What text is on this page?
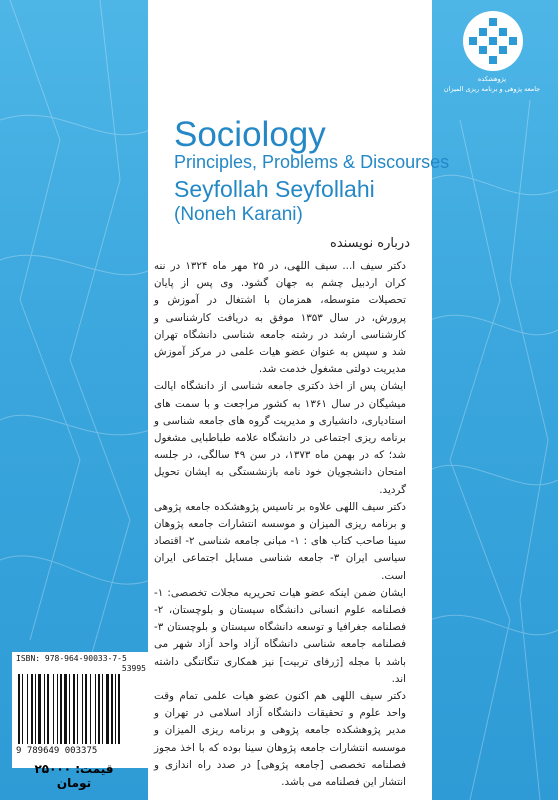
پژوهشکده
جامعه پژوهی و برنامه ریزی المیزان
Sociology
Principles, Problems & Discourses
Seyfollah Seyfollahi
(Noneh Karani)
درباره نویسنده

دکتر سیف ا... سیف اللهی، در ۲۵ مهر ماه ۱۳۲۴ در ننه کران اردبیل چشم به جهان گشود. وی پس از پایان تحصیلات متوسطه، همزمان با اشتغال در آموزش و پرورش، در سال ۱۳۵۳ موفق به دریافت کارشناسی و کارشناسی ارشد در رشته جامعه شناسی دانشگاه تهران شد و سپس به عنوان عضو هیات علمی در مرکز آموزش مدیریت دولتی مشغول خدمت شد.

ایشان پس از اخذ دکتری جامعه شناسی از دانشگاه ایالت میشیگان در سال ۱۳۶۱ به کشور مراجعت و با سمت های استادیاری، دانشیاری و مدیریت گروه های جامعه شناسی و برنامه ریزی اجتماعی در دانشگاه علامه طباطبایی مشغول شد؛ که در بهمن ماه ۱۳۷۳، در سن ۴۹ سالگی، در جلسه امتحان دانشجویان خود نامه بازنشستگی به ایشان تحویل گردید.

دکتر سیف اللهی علاوه بر تاسیس پژوهشکده جامعه پژوهی و برنامه ریزی المیزان و موسسه انتشارات جامعه پژوهان سینا صاحب کتاب های : ۱- مبانی جامعه شناسی ۲- اقتصاد سیاسی ایران ۳- جامعه شناسی مسایل اجتماعی ایران است.

ایشان ضمن اینکه عضو هیات تحریریه مجلات تخصصی: ۱- فصلنامه علوم انسانی دانشگاه سیستان و بلوچستان، ۲- فصلنامه جغرافیا و توسعه دانشگاه سیستان و بلوچستان ۳- فصلنامه جامعه شناسی دانشگاه آزاد واحد آزاد شهر می باشد با مجله [ژرفای تربیت] نیز همکاری تنگاتنگی داشته اند.

دکتر سیف اللهی هم اکنون عضو هیات علمی تمام وقت واحد علوم و تحقیقات دانشگاه آزاد اسلامی در تهران و مدیر پژوهشکده جامعه پژوهی و برنامه ریزی المیزان و موسسه انتشارات جامعه پژوهان سینا بوده که با اخذ مجوز فصلنامه تخصصی [جامعه پژوهی] در صدد راه اندازی و انتشار این فصلنامه می باشد.

ISBN: 978-964-90033-7-5
53995
9 789649 003375
قیمت: ۲۵۰۰۰ تومان
